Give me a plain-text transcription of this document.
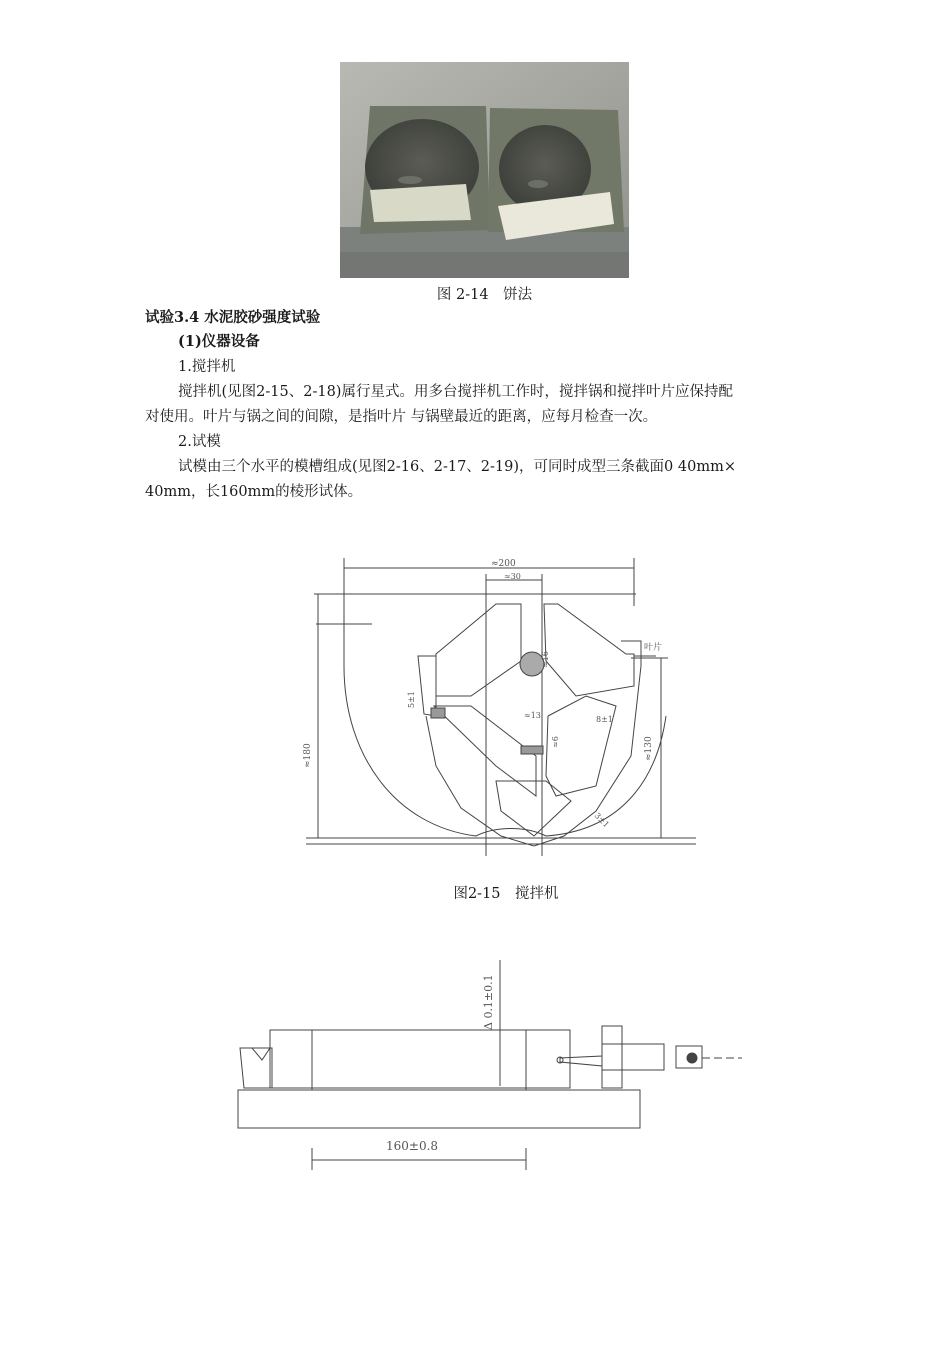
图 2-14　饼法
试验3.4 水泥胶砂强度试验
(1)仪器设备
1.搅拌机
搅拌机(见图2-15、2-18)属行星式。用多台搅拌机工作时，搅拌锅和搅拌叶片应保持配
对使用。叶片与锅之间的间隙，是指叶片 与锅壁最近的距离，应每月检查一次。
2.试模
试模由三个水平的模槽组成(见图2-16、2-17、2-19)，可同时成型三条截面0 40mm×
40mm，长160mm的棱形试体。
≈200
≈30
≈130
叶片
≈180
≈16
5±1
≈13	8±1
≈6
3±1
图2-15　搅拌机
Δ 0.1±0.1
160±0.8
